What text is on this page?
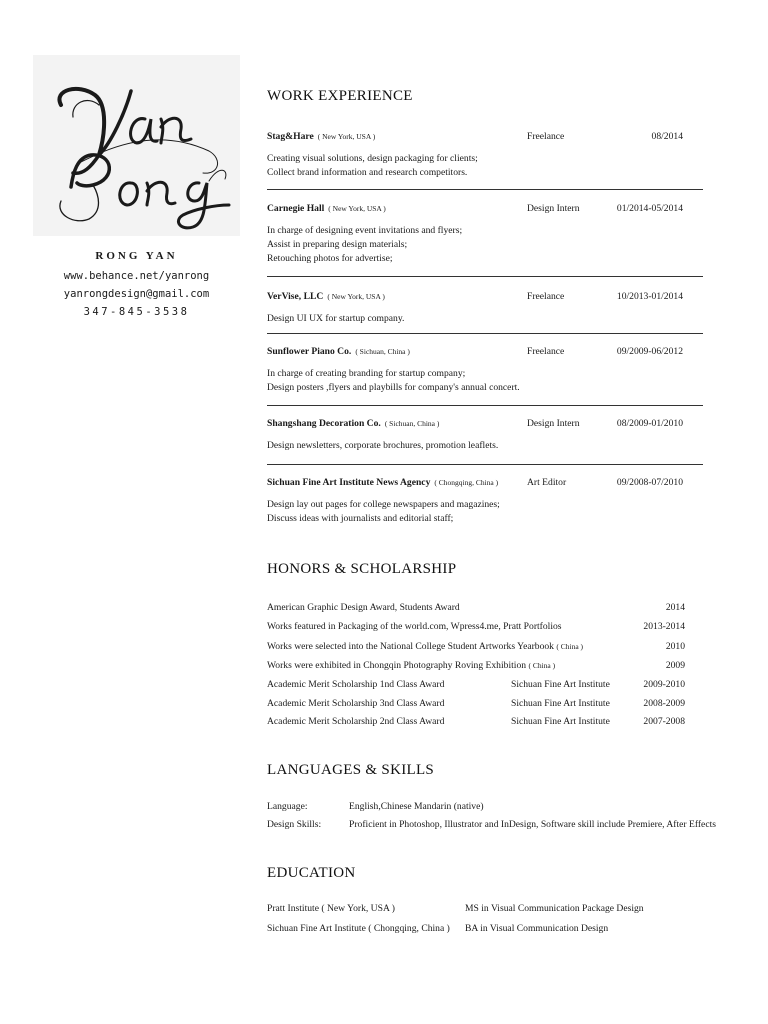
RONG YAN
www.behance.net/yanrong
yanrongdesign@gmail.com
347-845-3538
WORK EXPERIENCE
Stag&Hare ( New York, USA )	Freelance	08/2014
Creating visual solutions, design packaging for clients;
Collect brand information and research competitors.
Carnegie Hall ( New York, USA )	Design Intern	01/2014-05/2014
In charge of designing event invitations and flyers;
Assist in preparing design materials;
Retouching photos for advertise;
VerVise, LLC ( New York, USA )	Freelance	10/2013-01/2014
Design UI UX for startup company.
Sunflower Piano Co. ( Sichuan, China )	Freelance	09/2009-06/2012
In charge of creating branding for startup company;
Design posters ,flyers and playbills for company's annual concert.
Shangshang Decoration Co. ( Sichuan, China )	Design Intern	08/2009-01/2010
Design newsletters, corporate brochures, promotion leaflets.
Sichuan Fine Art Institute News Agency ( Chongqing, China )	Art Editor	09/2008-07/2010
Design lay out pages for college newspapers and magazines;
Discuss ideas with journalists and editorial staff;
HONORS & SCHOLARSHIP
American Graphic Design Award, Students Award	2014
Works featured in Packaging of the world.com, Wpress4.me, Pratt Portfolios	2013-2014
Works were selected into the National College Student Artworks Yearbook ( China )	2010
Works were exhibited in Chongqin Photography Roving Exhibition ( China )	2009
Academic Merit Scholarship 1nd Class Award	Sichuan Fine Art Institute	2009-2010
Academic Merit Scholarship 3nd Class Award	Sichuan Fine Art Institute	2008-2009
Academic Merit Scholarship 2nd Class Award	Sichuan Fine Art Institute	2007-2008
LANGUAGES & SKILLS
Language:	English,Chinese Mandarin (native)
Design Skills:	Proficient in Photoshop, Illustrator and InDesign, Software skill include Premiere, After Effects
EDUCATION
Pratt Institute ( New York, USA )	MS in Visual Communication Package Design
Sichuan Fine Art Institute ( Chongqing, China ) BA in Visual Communication Design
